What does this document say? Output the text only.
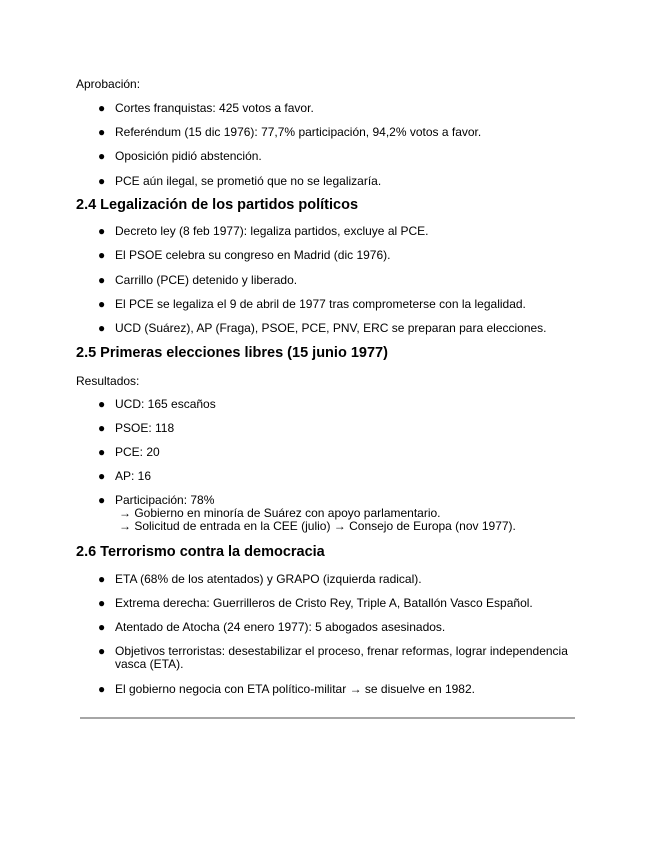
Aprobación:
● Cortes franquistas: 425 votos a favor.
● Referéndum (15 dic 1976): 77,7% participación, 94,2% votos a favor.
● Oposición pidió abstención.
● PCE aún ilegal, se prometió que no se legalizaría.
2.4 Legalización de los partidos políticos
● Decreto ley (8 feb 1977): legaliza partidos, excluye al PCE.
● El PSOE celebra su congreso en Madrid (dic 1976).
● Carrillo (PCE) detenido y liberado.
● El PCE se legaliza el 9 de abril de 1977 tras comprometerse con la legalidad.
● UCD (Suárez), AP (Fraga), PSOE, PCE, PNV, ERC se preparan para elecciones.
2.5 Primeras elecciones libres (15 junio 1977)
Resultados:
● UCD: 165 escaños
● PSOE: 118
● PCE: 20
● AP: 16
● Participación: 78%
→ Gobierno en minoría de Suárez con apoyo parlamentario.
→ Solicitud de entrada en la CEE (julio) → Consejo de Europa (nov 1977).
2.6 Terrorismo contra la democracia
● ETA (68% de los atentados) y GRAPO (izquierda radical).
● Extrema derecha: Guerrilleros de Cristo Rey, Triple A, Batallón Vasco Español.
● Atentado de Atocha (24 enero 1977): 5 abogados asesinados.
● Objetivos terroristas: desestabilizar el proceso, frenar reformas, lograr independencia vasca (ETA).
● El gobierno negocia con ETA político-militar → se disuelve en 1982.
